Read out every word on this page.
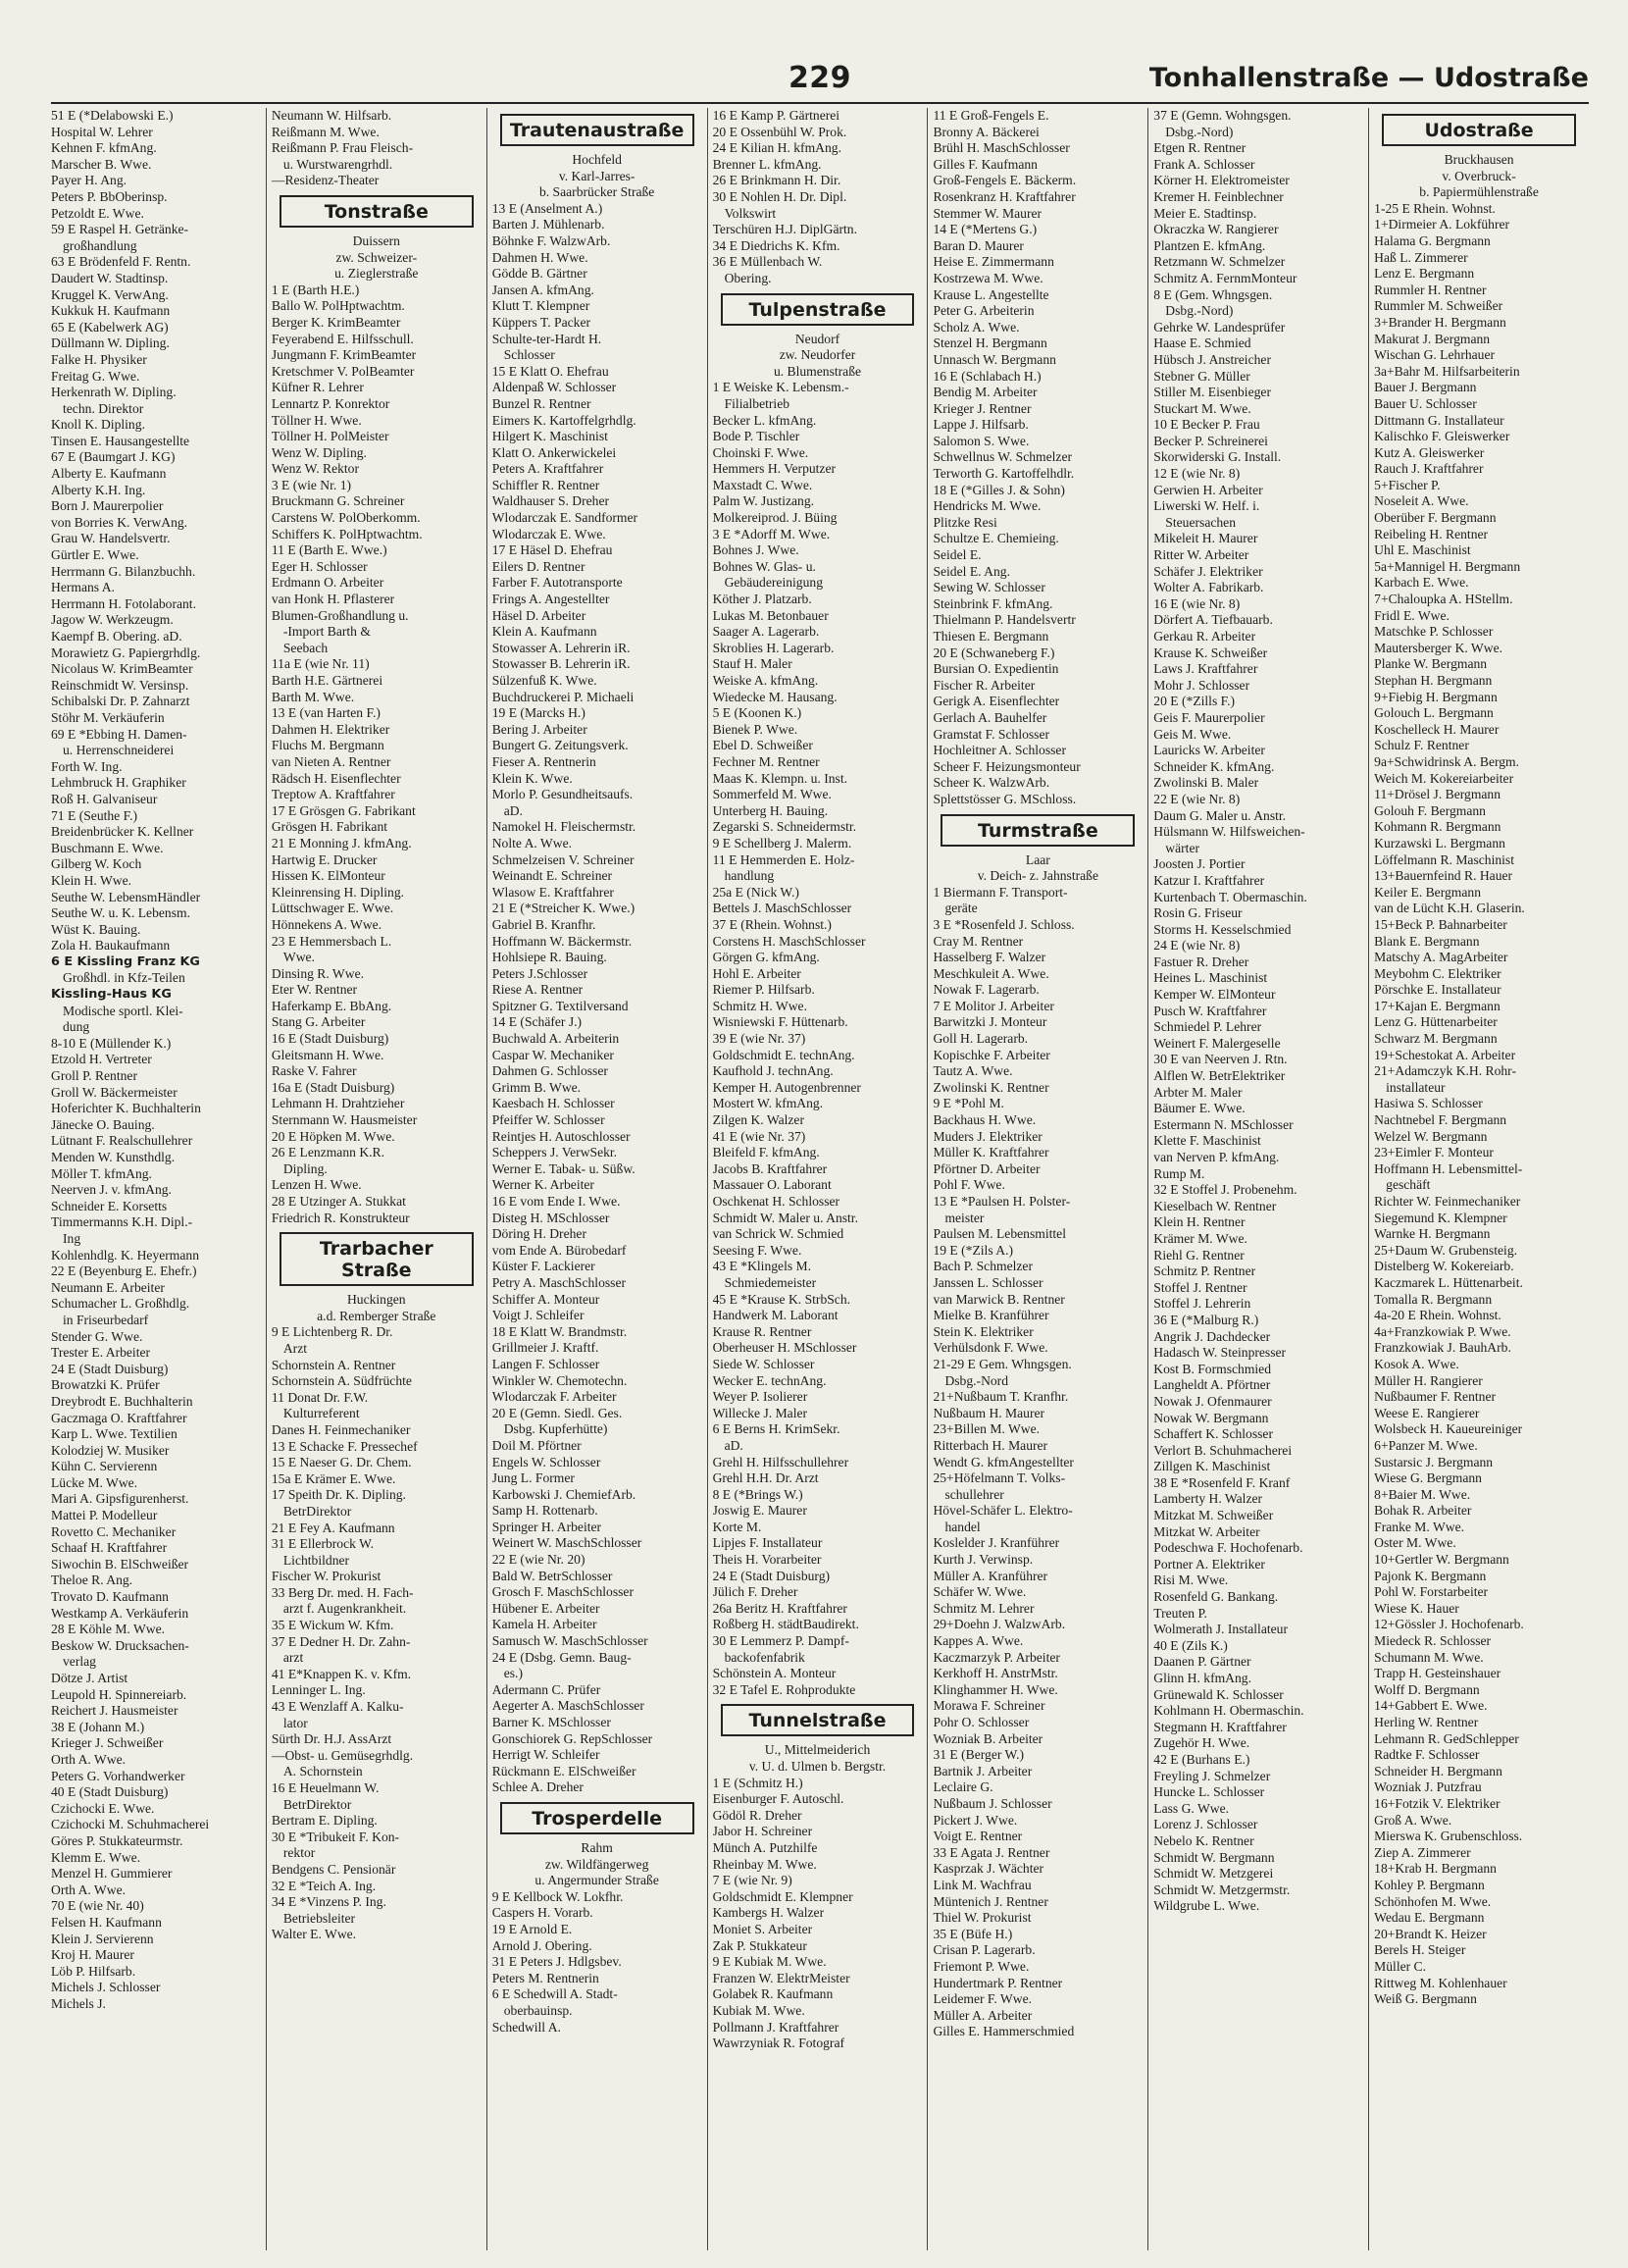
229	Tonhallenstraße — Udostraße
51 E (*Delabowski E.)
Hospital W. Lehrer
Kehnen F. kfmAng.
Marscher B. Wwe.
Payer H. Ang.
Peters P. BbOberinsp.
Petzoldt E. Wwe.
59 E Raspel H. Getränke-
großhandlung
63 E Brödenfeld F. Rentn.
Daudert W. Stadtinsp.
Kruggel K. VerwAng.
Kukkuk H. Kaufmann
65 E (Kabelwerk AG)
Düllmann W. Dipling.
Falke H. Physiker
Freitag G. Wwe.
Herkenrath W. Dipling.
techn. Direktor
Knoll K. Dipling.
Tinsen E. Hausangestellte
67 E (Baumgart J. KG)
Alberty E. Kaufmann
Alberty K.H. Ing.
Born J. Maurerpolier
von Borries K. VerwAng.
Grau W. Handelsvertr.
Gürtler E. Wwe.
Herrmann G. Bilanzbuchh.
Hermans A.
Herrmann H. Fotolaborant.
Jagow W. Werkzeugm.
Kaempf B. Obering. aD.
Morawietz G. Papiergrhdlg.
Nicolaus W. KrimBeamter
Reinschmidt W. Versinsp.
Schibalski Dr. P. Zahnarzt
Stöhr M. Verkäuferin
69 E *Ebbing H. Damen-
u. Herrenschneiderei
Forth W. Ing.
Lehmbruck H. Graphiker
Roß H. Galvaniseur
71 E (Seuthe F.)
Breidenbrücker K. Kellner
Buschmann E. Wwe.
Gilberg W. Koch
Klein H. Wwe.
Seuthe W. LebensmHändler
Seuthe W. u. K. Lebensm.
Wüst K. Bauing.
Zola H. Baukaufmann
6 E Kissling Franz KG
Großhdl. in Kfz-Teilen
Kissling-Haus KG
Modische sportl. Klei-
dung
8-10 E (Müllender K.)
Etzold H. Vertreter
Groll P. Rentner
Groll W. Bäckermeister
Hoferichter K. Buchhalterin
Jänecke O. Bauing.
Lütnant F. Realschullehrer
Menden W. Kunsthdlg.
Möller T. kfmAng.
Neerven J. v. kfmAng.
Schneider E. Korsetts
Timmermanns K.H. Dipl.-
Ing
Kohlenhdlg. K. Heyermann
22 E (Beyenburg E. Ehefr.)
Neumann E. Arbeiter
Schumacher L. Großhdlg.
in Friseurbedarf
Stender G. Wwe.
Trester E. Arbeiter
24 E (Stadt Duisburg)
Browatzki K. Prüfer
Dreybrodt E. Buchhalterin
Gaczmaga O. Kraftfahrer
Karp L. Wwe. Textilien
Kolodziej W. Musiker
Kühn C. Servierenn
Lücke M. Wwe.
Mari A. Gipsfigurenherst.
Mattei P. Modelleur
Rovetto C. Mechaniker
Schaaf H. Kraftfahrer
Siwochin B. ElSchweißer
Theloe R. Ang.
Trovato D. Kaufmann
Westkamp A. Verkäuferin
28 E Köhle M. Wwe.
Beskow W. Drucksachen-
verlag
Dötze J. Artist
Leupold H. Spinnereiarb.
Reichert J. Hausmeister
38 E (Johann M.)
Krieger J. Schweißer
Orth A. Wwe.
Peters G. Vorhandwerker
40 E (Stadt Duisburg)
Czichocki E. Wwe.
Czichocki M. Schuhmacherei
Göres P. Stukkateurmstr.
Klemm E. Wwe.
Menzel H. Gummierer
Orth A. Wwe.
70 E (wie Nr. 40)
Felsen H. Kaufmann
Klein J. Servierenn
Kroj H. Maurer
Löb P. Hilfsarb.
Michels J. Schlosser
Michels J.
Neumann W. Hilfsarb.
Reißmann M. Wwe.
Reißmann P. Frau Fleisch-
u. Wurstwarengrhdl.
—Residenz-Theater
Tonstraße
Duissern
zw. Schweizer-
u. Zieglerstraße
1 E (Barth H.E.)
Ballo W. PolHptwachtm.
Berger K. KrimBeamter
Feyerabend E. Hilfsschull.
Jungmann F. KrimBeamter
Kretschmer V. PolBeamter
Küfner R. Lehrer
Lennartz P. Konrektor
Töllner H. Wwe.
Töllner H. PolMeister
Wenz W. Dipling.
Wenz W. Rektor
3 E (wie Nr. 1)
Bruckmann G. Schreiner
Carstens W. PolOberkomm.
Schiffers K. PolHptwachtm.
11 E (Barth E. Wwe.)
Eger H. Schlosser
Erdmann O. Arbeiter
van Honk H. Pflasterer
Blumen-Großhandlung u.
-Import Barth &
Seebach
11a E (wie Nr. 11)
Barth H.E. Gärtnerei
Barth M. Wwe.
13 E (van Harten F.)
Dahmen H. Elektriker
Fluchs M. Bergmann
van Nieten A. Rentner
Rädsch H. Eisenflechter
Treptow A. Kraftfahrer
17 E Grösgen G. Fabrikant
Grösgen H. Fabrikant
21 E Monning J. kfmAng.
Hartwig E. Drucker
Hissen K. ElMonteur
Kleinrensing H. Dipling.
Lüttschwager E. Wwe.
Hönnekens A. Wwe.
23 E Hemmersbach L.
Wwe.
Dinsing R. Wwe.
Eter W. Rentner
Haferkamp E. BbAng.
Stang G. Arbeiter
16 E (Stadt Duisburg)
Gleitsmann H. Wwe.
Raske V. Fahrer
16a E (Stadt Duisburg)
Lehmann H. Drahtzieher
Sternmann W. Hausmeister
20 E Höpken M. Wwe.
26 E Lenzmann K.R.
Dipling.
Lenzen H. Wwe.
28 E Utzinger A. Stukkat
Friedrich R. Konstrukteur
Trarbacher Straße
Huckingen
a.d. Remberger Straße
9 E Lichtenberg R. Dr.
Arzt
Schornstein A. Rentner
Schornstein A. Südfrüchte
11 Donat Dr. F.W.
Kulturreferent
Danes H. Feinmechaniker
13 E Schacke F. Pressechef
15 E Naeser G. Dr. Chem.
15a E Krämer E. Wwe.
17 Speith Dr. K. Dipling.
BetrDirektor
21 E Fey A. Kaufmann
31 E Ellerbrock W.
Lichtbildner
Fischer W. Prokurist
33 Berg Dr. med. H. Fach-
arzt f. Augenkrankheit.
35 E Wickum W. Kfm.
37 E Dedner H. Dr. Zahn-
arzt
41 E*Knappen K. v. Kfm.
Lenninger L. Ing.
43 E Wenzlaff A. Kalku-
lator
Sürth Dr. H.J. AssArzt
—Obst- u. Gemüsegrhdlg.
A. Schornstein
16 E Heuelmann W.
BetrDirektor
Bertram E. Dipling.
30 E *Tribukeit F. Kon-
rektor
Bendgens C. Pensionär
32 E *Teich A. Ing.
34 E *Vinzens P. Ing.
Betriebsleiter
Walter E. Wwe.
Trautenaustraße
Hochfeld
v. Karl-Jarres-
b. Saarbrücker Straße
13 E (Anselment A.)
Barten J. Mühlenarb.
Böhnke F. WalzwArb.
Dahmen H. Wwe.
Gödde B. Gärtner
Jansen A. kfmAng.
Klutt T. Klempner
Küppers T. Packer
Schulte-ter-Hardt H.
Schlosser
15 E Klatt O. Ehefrau
Aldenpaß W. Schlosser
Bunzel R. Rentner
Eimers K. Kartoffelgrhdlg.
Hilgert K. Maschinist
Klatt O. Ankerwickelei
Peters A. Kraftfahrer
Schiffler R. Rentner
Waldhauser S. Dreher
Wlodarczak E. Sandformer
Wlodarczak E. Wwe.
17 E Häsel D. Ehefrau
Eilers D. Rentner
Farber F. Autotransporte
Frings A. Angestellter
Häsel D. Arbeiter
Klein A. Kaufmann
Stowasser A. Lehrerin iR.
Stowasser B. Lehrerin iR.
Sülzenfuß K. Wwe.
Buchdruckerei P. Michaeli
19 E (Marcks H.)
Bering J. Arbeiter
Bungert G. Zeitungsverk.
Fieser A. Rentnerin
Klein K. Wwe.
Morlo P. Gesundheitsaufs.
aD.
Namokel H. Fleischermstr.
Nolte A. Wwe.
Schmelzeisen V. Schreiner
Weinandt E. Schreiner
Wlasow E. Kraftfahrer
21 E (*Streicher K. Wwe.)
Gabriel B. Kranfhr.
Hoffmann W. Bäckermstr.
Hohlsiepe R. Bauing.
Peters J.Schlosser
Riese A. Rentner
Spitzner G. Textilversand
14 E (Schäfer J.)
Buchwald A. Arbeiterin
Caspar W. Mechaniker
Dahmen G. Schlosser
Grimm B. Wwe.
Kaesbach H. Schlosser
Pfeiffer W. Schlosser
Reintjes H. Autoschlosser
Scheppers J. VerwSekr.
Werner E. Tabak- u. Süßw.
Werner K. Arbeiter
16 E vom Ende I. Wwe.
Disteg H. MSchlosser
Döring H. Dreher
vom Ende A. Bürobedarf
Küster F. Lackierer
Petry A. MaschSchlosser
Schiffer A. Monteur
Voigt J. Schleifer
18 E Klatt W. Brandmstr.
Grillmeier J. Kraftf.
Langen F. Schlosser
Winkler W. Chemotechn.
Wlodarczak F. Arbeiter
20 E (Gemn. Siedl. Ges.
Dsbg. Kupferhütte)
Doil M. Pförtner
Engels W. Schlosser
Jung L. Former
Karbowski J. ChemiefArb.
Samp H. Rottenarb.
Springer H. Arbeiter
Weinert W. MaschSchlosser
22 E (wie Nr. 20)
Bald W. BetrSchlosser
Grosch F. MaschSchlosser
Hübener E. Arbeiter
Kamela H. Arbeiter
Samusch W. MaschSchlosser
24 E (Dsbg. Gemn. Baug-
es.)
Adermann C. Prüfer
Aegerter A. MaschSchlosser
Barner K. MSchlosser
Gonschiorek G. RepSchlosser
Herrigt W. Schleifer
Rückmann E. ElSchweißer
Schlee A. Dreher
Trosperdelle
Rahm
zw. Wildfängerweg
u. Angermunder Straße
9 E Kellbock W. Lokfhr.
Caspers H. Vorarb.
19 E Arnold E.
Arnold J. Obering.
31 E Peters J. Hdlgsbev.
Peters M. Rentnerin
6 E Schedwill A. Stadt-
oberbauinsp.
Schedwill A.
16 E Kamp P. Gärtnerei
20 E Ossenbühl W. Prok.
24 E Kilian H. kfmAng.
Brenner L. kfmAng.
26 E Brinkmann H. Dir.
30 E Nohlen H. Dr. Dipl.
Volkswirt
Terschüren H.J. DiplGärtn.
34 E Diedrichs K. Kfm.
36 E Müllenbach W.
Obering.
Tulpenstraße
Neudorf
zw. Neudorfer
u. Blumenstraße
1 E Weiske K. Lebensm.-
Filialbetrieb
Becker L. kfmAng.
Bode P. Tischler
Choinski F. Wwe.
Hemmers H. Verputzer
Maxstadt C. Wwe.
Palm W. Justizang.
Molkereiprod. J. Büing
3 E *Adorff M. Wwe.
Bohnes J. Wwe.
Bohnes W. Glas- u.
Gebäudereinigung
Köther J. Platzarb.
Lukas M. Betonbauer
Saager A. Lagerarb.
Skroblies H. Lagerarb.
Stauf H. Maler
Weiske A. kfmAng.
Wiedecke M. Hausang.
5 E (Koonen K.)
Bienek P. Wwe.
Ebel D. Schweißer
Fechner M. Rentner
Maas K. Klempn. u. Inst.
Sommerfeld M. Wwe.
Unterberg H. Bauing.
Zegarski S. Schneidermstr.
9 E Schellberg J. Malerm.
11 E Hemmerden E. Holz-
handlung
25a E (Nick W.)
Bettels J. MaschSchlosser
37 E (Rhein. Wohnst.)
Corstens H. MaschSchlosser
Görgen G. kfmAng.
Hohl E. Arbeiter
Riemer P. Hilfsarb.
Schmitz H. Wwe.
Wisniewski F. Hüttenarb.
39 E (wie Nr. 37)
Goldschmidt E. technAng.
Kaufhold J. technAng.
Kemper H. Autogenbrenner
Mostert W. kfmAng.
Zilgen K. Walzer
41 E (wie Nr. 37)
Bleifeld F. kfmAng.
Jacobs B. Kraftfahrer
Massauer O. Laborant
Oschkenat H. Schlosser
Schmidt W. Maler u. Anstr.
van Schrick W. Schmied
Seesing F. Wwe.
43 E *Klingels M.
Schmiedemeister
45 E *Krause K. StrbSch.
Handwerk M. Laborant
Krause R. Rentner
Oberheuser H. MSchlosser
Siede W. Schlosser
Wecker E. technAng.
Weyer P. Isolierer
Willecke J. Maler
6 E Berns H. KrimSekr.
aD.
Grehl H. Hilfsschullehrer
Grehl H.H. Dr. Arzt
8 E (*Brings W.)
Joswig E. Maurer
Korte M.
Lipjes F. Installateur
Theis H. Vorarbeiter
24 E (Stadt Duisburg)
Jülich F. Dreher
26a Beritz H. Kraftfahrer
Roßberg H. städtBaudirekt.
30 E Lemmerz P. Dampf-
backofenfabrik
Schönstein A. Monteur
32 E Tafel E. Rohprodukte
Tunnelstraße
U., Mittelmeiderich
v. U. d. Ulmen b. Bergstr.
1 E (Schmitz H.)
Eisenburger F. Autoschl.
Gödöl R. Dreher
Jabor H. Schreiner
Münch A. Putzhilfe
Rheinbay M. Wwe.
7 E (wie Nr. 9)
Goldschmidt E. Klempner
Kambergs H. Walzer
Moniet S. Arbeiter
Zak P. Stukkateur
9 E Kubiak M. Wwe.
Franzen W. ElektrMeister
Golabek R. Kaufmann
Kubiak M. Wwe.
Pollmann J. Kraftfahrer
Wawrzyniak R. Fotograf
11 E Groß-Fengels E.
Bronny A. Bäckerei
Brühl H. MaschSchlosser
Gilles F. Kaufmann
Groß-Fengels E. Bäckerm.
Rosenkranz H. Kraftfahrer
Stemmer W. Maurer
14 E (*Mertens G.)
Baran D. Maurer
Heise E. Zimmermann
Kostrzewa M. Wwe.
Krause L. Angestellte
Peter G. Arbeiterin
Scholz A. Wwe.
Stenzel H. Bergmann
Unnasch W. Bergmann
16 E (Schlabach H.)
Bendig M. Arbeiter
Krieger J. Rentner
Lappe J. Hilfsarb.
Salomon S. Wwe.
Schwellnus W. Schmelzer
Terworth G. Kartoffelhdlr.
18 E (*Gilles J. & Sohn)
Hendricks M. Wwe.
Plitzke Resi
Schultze E. Chemieing.
Seidel E.
Seidel E. Ang.
Sewing W. Schlosser
Steinbrink F. kfmAng.
Thielmann P. Handelsvertr
Thiesen E. Bergmann
20 E (Schwaneberg F.)
Bursian O. Expedientin
Fischer R. Arbeiter
Gerigk A. Eisenflechter
Gerlach A. Bauhelfer
Gramstat F. Schlosser
Hochleitner A. Schlosser
Scheer F. Heizungsmonteur
Scheer K. WalzwArb.
Splettstösser G. MSchloss.
Turmstraße
Laar
v. Deich- z. Jahnstraße
1 Biermann F. Transport-
geräte
3 E *Rosenfeld J. Schloss.
Cray M. Rentner
Hasselberg F. Walzer
Meschkuleit A. Wwe.
Nowak F. Lagerarb.
7 E Molitor J. Arbeiter
Barwitzki J. Monteur
Goll H. Lagerarb.
Kopischke F. Arbeiter
Tautz A. Wwe.
Zwolinski K. Rentner
9 E *Pohl M.
Backhaus H. Wwe.
Muders J. Elektriker
Müller K. Kraftfahrer
Pförtner D. Arbeiter
Pohl F. Wwe.
13 E *Paulsen H. Polster-
meister
Paulsen M. Lebensmittel
19 E (*Zils A.)
Bach P. Schmelzer
Janssen L. Schlosser
van Marwick B. Rentner
Mielke B. Kranführer
Stein K. Elektriker
Verhülsdonk F. Wwe.
21-29 E Gem. Whngsgen.
Dsbg.-Nord
21+Nußbaum T. Kranfhr.
Nußbaum H. Maurer
23+Billen M. Wwe.
Ritterbach H. Maurer
Wendt G. kfmAngestellter
25+Höfelmann T. Volks-
schullehrer
Hövel-Schäfer L. Elektro-
handel
Koslelder J. Kranführer
Kurth J. Verwinsp.
Müller A. Kranführer
Schäfer W. Wwe.
Schmitz M. Lehrer
29+Doehn J. WalzwArb.
Kappes A. Wwe.
Kaczmarzyk P. Arbeiter
Kerkhoff H. AnstrMstr.
Klinghammer H. Wwe.
Morawa F. Schreiner
Pohr O. Schlosser
Wozniak B. Arbeiter
31 E (Berger W.)
Bartnik J. Arbeiter
Leclaire G.
Nußbaum J. Schlosser
Pickert J. Wwe.
Voigt E. Rentner
33 E Agata J. Rentner
Kasprzak J. Wächter
Link M. Wachfrau
Müntenich J. Rentner
Thiel W. Prokurist
35 E (Büfe H.)
Crisan P. Lagerarb.
Friemont P. Wwe.
Hundertmark P. Rentner
Leidemer F. Wwe.
Müller A. Arbeiter
Gilles E. Hammerschmied
37 E (Gemn. Wohngsgen.
Dsbg.-Nord)
Etgen R. Rentner
Frank A. Schlosser
Körner H. Elektromeister
Kremer H. Feinblechner
Meier E. Stadtinsp.
Okraczka W. Rangierer
Plantzen E. kfmAng.
Retzmann W. Schmelzer
Schmitz A. FernmMonteur
8 E (Gem. Whngsgen.
Dsbg.-Nord)
Gehrke W. Landesprüfer
Haase E. Schmied
Hübsch J. Anstreicher
Stebner G. Müller
Stiller M. Eisenbieger
Stuckart M. Wwe.
10 E Becker P. Frau
Becker P. Schreinerei
Skorwiderski G. Install.
12 E (wie Nr. 8)
Gerwien H. Arbeiter
Liwerski W. Helf. i.
Steuersachen
Mikeleit H. Maurer
Ritter W. Arbeiter
Schäfer J. Elektriker
Wolter A. Fabrikarb.
16 E (wie Nr. 8)
Dörfert A. Tiefbauarb.
Gerkau R. Arbeiter
Krause K. Schweißer
Laws J. Kraftfahrer
Mohr J. Schlosser
20 E (*Zills F.)
Geis F. Maurerpolier
Geis M. Wwe.
Lauricks W. Arbeiter
Schneider K. kfmAng.
Zwolinski B. Maler
22 E (wie Nr. 8)
Daum G. Maler u. Anstr.
Hülsmann W. Hilfsweichen-
wärter
Joosten J. Portier
Katzur I. Kraftfahrer
Kurtenbach T. Obermaschin.
Rosin G. Friseur
Storms H. Kesselschmied
24 E (wie Nr. 8)
Fastuer R. Dreher
Heines L. Maschinist
Kemper W. ElMonteur
Pusch W. Kraftfahrer
Schmiedel P. Lehrer
Weinert F. Malergeselle
30 E van Neerven J. Rtn.
Alflen W. BetrElektriker
Arbter M. Maler
Bäumer E. Wwe.
Estermann N. MSchlosser
Klette F. Maschinist
van Nerven P. kfmAng.
Rump M.
32 E Stoffel J. Probenehm.
Kieselbach W. Rentner
Klein H. Rentner
Krämer M. Wwe.
Riehl G. Rentner
Schmitz P. Rentner
Stoffel J. Rentner
Stoffel J. Lehrerin
36 E (*Malburg R.)
Angrik J. Dachdecker
Hadasch W. Steinpresser
Kost B. Formschmied
Langheldt A. Pförtner
Nowak J. Ofenmaurer
Nowak W. Bergmann
Schaffert K. Schlosser
Verlort B. Schuhmacherei
Zillgen K. Maschinist
38 E *Rosenfeld F. Kranf
Lamberty H. Walzer
Mitzkat M. Schweißer
Mitzkat W. Arbeiter
Podeschwa F. Hochofenarb.
Portner A. Elektriker
Risi M. Wwe.
Rosenfeld G. Bankang.
Treuten P.
Wolmerath J. Installateur
40 E (Zils K.)
Daanen P. Gärtner
Glinn H. kfmAng.
Grünewald K. Schlosser
Kohlmann H. Obermaschin.
Stegmann H. Kraftfahrer
Zugehör H. Wwe.
42 E (Burhans E.)
Freyling J. Schmelzer
Huncke L. Schlosser
Lass G. Wwe.
Lorenz J. Schlosser
Nebelo K. Rentner
Schmidt W. Bergmann
Schmidt W. Metzgerei
Schmidt W. Metzgermstr.
Wildgrube L. Wwe.
Udostraße
Bruckhausen
v. Overbruck-
b. Papiermühlenstraße
1-25 E Rhein. Wohnst.
1+Dirmeier A. Lokführer
Halama G. Bergmann
Haß L. Zimmerer
Lenz E. Bergmann
Rummler H. Rentner
Rummler M. Schweißer
3+Brander H. Bergmann
Makurat J. Bergmann
Wischan G. Lehrhauer
3a+Bahr M. Hilfsarbeiterin
Bauer J. Bergmann
Bauer U. Schlosser
Dittmann G. Installateur
Kalischko F. Gleiswerker
Kutz A. Gleiswerker
Rauch J. Kraftfahrer
5+Fischer P.
Noseleit A. Wwe.
Oberüber F. Bergmann
Reibeling H. Rentner
Uhl E. Maschinist
5a+Mannigel H. Bergmann
Karbach E. Wwe.
7+Chaloupka A. HStellm.
Fridl E. Wwe.
Matschke P. Schlosser
Mautersberger K. Wwe.
Planke W. Bergmann
Stephan H. Bergmann
9+Fiebig H. Bergmann
Golouch L. Bergmann
Koschelleck H. Maurer
Schulz F. Rentner
9a+Schwidrinsk A. Bergm.
Weich M. Kokereiarbeiter
11+Drösel J. Bergmann
Golouh F. Bergmann
Kohmann R. Bergmann
Kurzawski L. Bergmann
Löffelmann R. Maschinist
13+Bauernfeind R. Hauer
Keiler E. Bergmann
van de Lücht K.H. Glaserin.
15+Beck P. Bahnarbeiter
Blank E. Bergmann
Matschy A. MagArbeiter
Meybohm C. Elektriker
Pörschke E. Installateur
17+Kajan E. Bergmann
Lenz G. Hüttenarbeiter
Schwarz M. Bergmann
19+Schestokat A. Arbeiter
21+Adamczyk K.H. Rohr-
installateur
Hasiwa S. Schlosser
Nachtnebel F. Bergmann
Welzel W. Bergmann
23+Eimler F. Monteur
Hoffmann H. Lebensmittel-
geschäft
Richter W. Feinmechaniker
Siegemund K. Klempner
Warnke H. Bergmann
25+Daum W. Grubensteig.
Distelberg W. Kokereiarb.
Kaczmarek L. Hüttenarbeit.
Tomalla R. Bergmann
4a-20 E Rhein. Wohnst.
4a+Franzkowiak P. Wwe.
Franzkowiak J. BauhArb.
Kosok A. Wwe.
Müller H. Rangierer
Nußbaumer F. Rentner
Weese E. Rangierer
Wolsbeck H. Kaueureiniger
6+Panzer M. Wwe.
Sustarsic J. Bergmann
Wiese G. Bergmann
8+Baier M. Wwe.
Bohak R. Arbeiter
Franke M. Wwe.
Oster M. Wwe.
10+Gertler W. Bergmann
Pajonk K. Bergmann
Pohl W. Forstarbeiter
Wiese K. Hauer
12+Gössler J. Hochofenarb.
Miedeck R. Schlosser
Schumann M. Wwe.
Trapp H. Gesteinshauer
Wolff D. Bergmann
14+Gabbert E. Wwe.
Herling W. Rentner
Lehmann R. GedSchlepper
Radtke F. Schlosser
Schneider H. Bergmann
Wozniak J. Putzfrau
16+Fotzik V. Elektriker
Groß A. Wwe.
Mierswa K. Grubenschloss.
Ziep A. Zimmerer
18+Krab H. Bergmann
Kohley P. Bergmann
Schönhofen M. Wwe.
Wedau E. Bergmann
20+Brandt K. Heizer
Berels H. Steiger
Müller C.
Rittweg M. Kohlenhauer
Weiß G. Bergmann
